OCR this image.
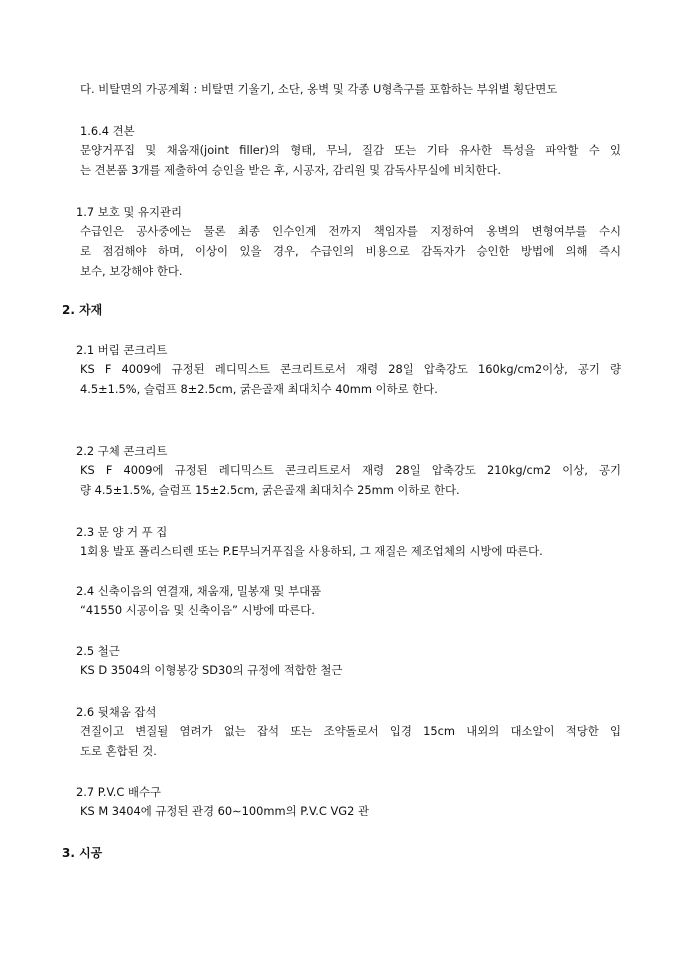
다. 비탈면의 가공계획 : 비탈면 기울기, 소단, 옹벽 및 각종 U형측구를 포함하는 부위별 횡단면도
1.6.4 견본
문양거푸집 및 채움재(joint filler)의 형태, 무늬, 질감 또는 기타 유사한 특성을 파악할 수 있
는 견본품 3개를 제출하여 승인을 받은 후, 시공자, 감리원 및 감독사무실에 비치한다.
1.7 보호 및 유지관리
수급인은 공사중에는 물론 최종 인수인계 전까지 책임자를 지정하여 옹벽의 변형여부를 수시
로 점검해야 하며, 이상이 있을 경우, 수급인의 비용으로 감독자가 승인한 방법에 의해 즉시
보수, 보강해야 한다.
2. 자재
2.1 버림 콘크리트
KS F 4009에 규정된 레디믹스트 콘크리트로서 재령 28일 압축강도 160kg/cm2이상, 공기 량
4.5±1.5%, 슬럼프 8±2.5cm, 굵은골재 최대치수 40mm 이하로 한다.
2.2 구체 콘크리트
KS F 4009에 규정된 레디믹스트 콘크리트로서 재령 28일 압축강도 210kg/cm2 이상, 공기
량 4.5±1.5%, 슬럼프 15±2.5cm, 굵은골재 최대치수 25mm 이하로 한다.
2.3 문 양 거 푸 집
1회용 발포 폴리스티렌 또는 P.E무늬거푸집을 사용하되, 그 재질은 제조업체의 시방에 따른다.
2.4 신축이음의 연결재, 채움재, 밀봉재 및 부대품
“41550 시공이음 및 신축이음” 시방에 따른다.
2.5 철근
KS D 3504의 이형봉강 SD30의 규정에 적합한 철근
2.6 뒷채움 잡석
견질이고 변질될 염려가 없는 잡석 또는 조약돌로서 입경 15cm 내외의 대소알이 적당한 입
도로 혼합된 것.
2.7 P.V.C 배수구
KS M 3404에 규정된 관경 60∼100mm의 P.V.C VG2 관
3. 시공
